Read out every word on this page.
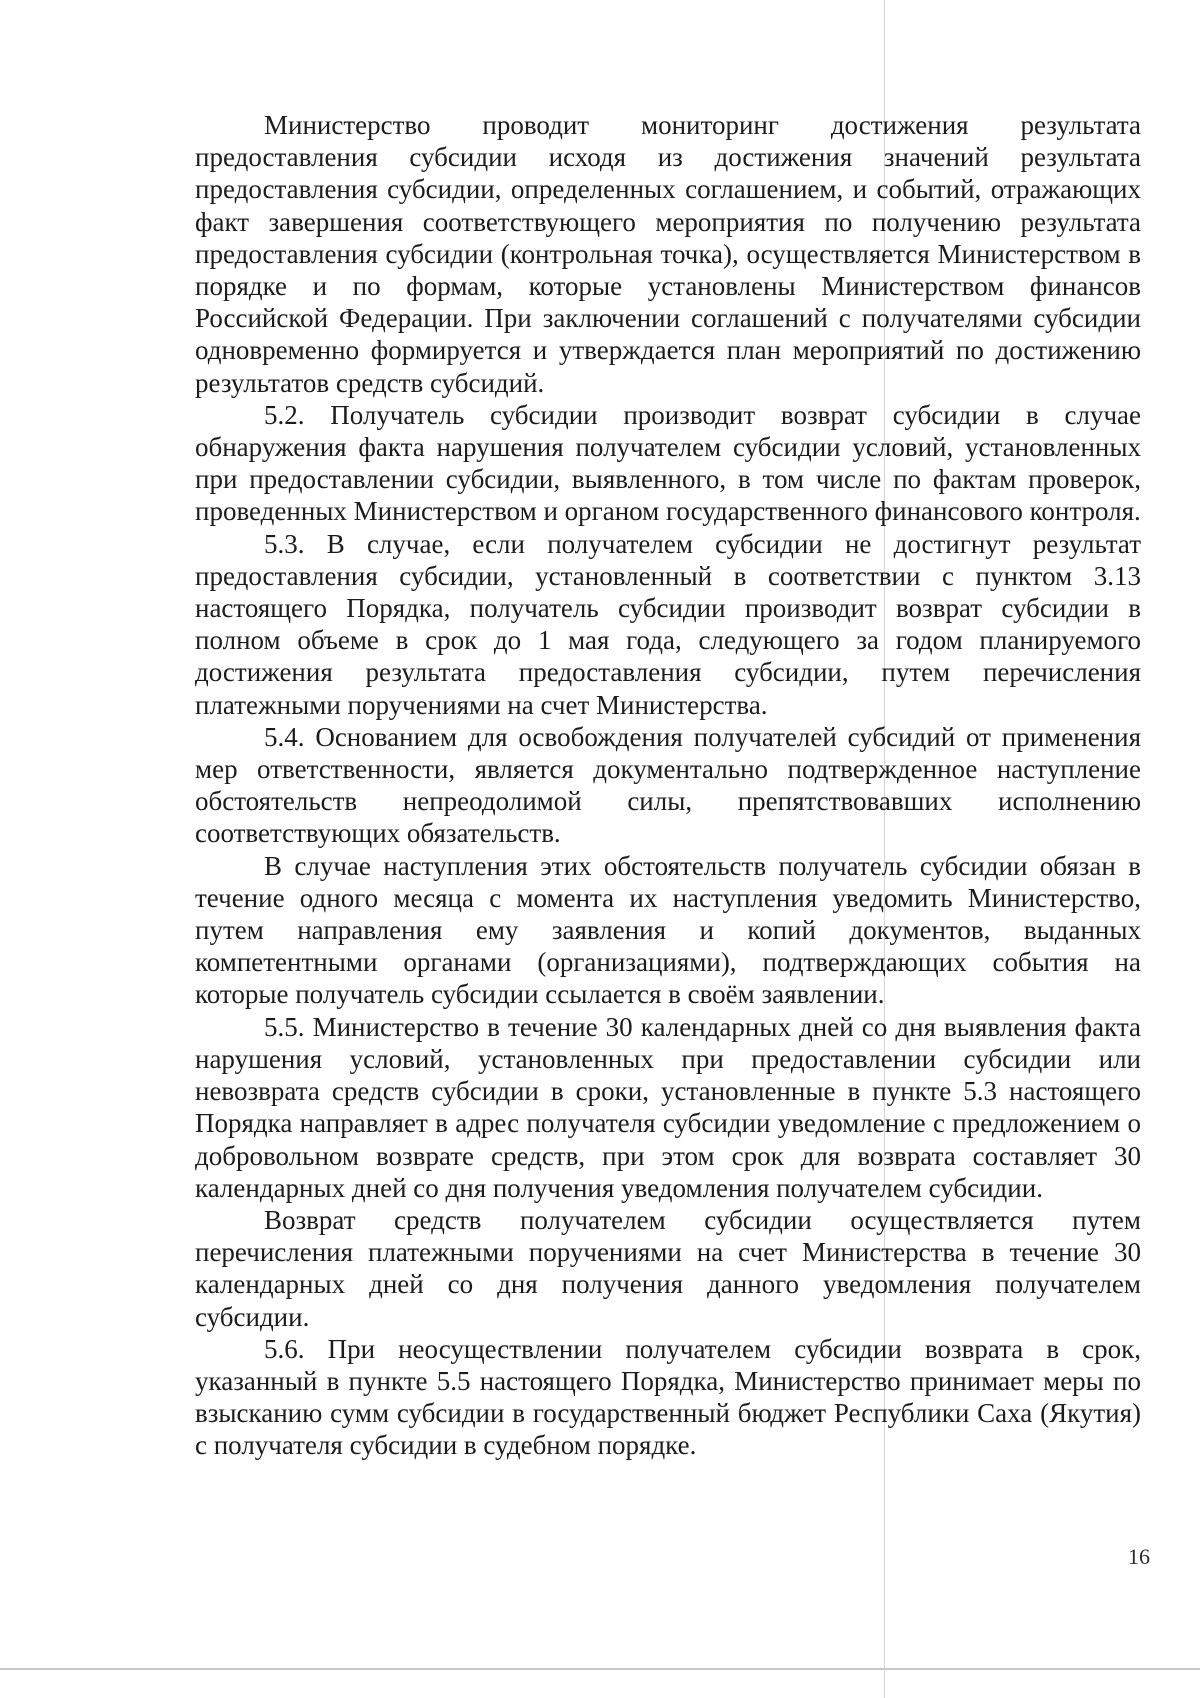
Министерство проводит мониторинг достижения результата предоставления субсидии исходя из достижения значений результата предоставления субсидии, определенных соглашением, и событий, отражающих факт завершения соответствующего мероприятия по получению результата предоставления субсидии (контрольная точка), осуществляется Министерством в порядке и по формам, которые установлены Министерством финансов Российской Федерации. При заключении соглашений с получателями субсидии одновременно формируется и утверждается план мероприятий по достижению результатов средств субсидий.

5.2. Получатель субсидии производит возврат субсидии в случае обнаружения факта нарушения получателем субсидии условий, установленных при предоставлении субсидии, выявленного, в том числе по фактам проверок, проведенных Министерством и органом государственного финансового контроля.

5.3. В случае, если получателем субсидии не достигнут результат предоставления субсидии, установленный в соответствии с пунктом 3.13 настоящего Порядка, получатель субсидии производит возврат субсидии в полном объеме в срок до 1 мая года, следующего за годом планируемого достижения результата предоставления субсидии, путем перечисления платежными поручениями на счет Министерства.

5.4. Основанием для освобождения получателей субсидий от применения мер ответственности, является документально подтвержденное наступление обстоятельств непреодолимой силы, препятствовавших исполнению соответствующих обязательств.

В случае наступления этих обстоятельств получатель субсидии обязан в течение одного месяца с момента их наступления уведомить Министерство, путем направления ему заявления и копий документов, выданных компетентными органами (организациями), подтверждающих события на которые получатель субсидии ссылается в своём заявлении.

5.5. Министерство в течение 30 календарных дней со дня выявления факта нарушения условий, установленных при предоставлении субсидии или невозврата средств субсидии в сроки, установленные в пункте 5.3 настоящего Порядка направляет в адрес получателя субсидии уведомление с предложением о добровольном возврате средств, при этом срок для возврата составляет 30 календарных дней со дня получения уведомления получателем субсидии.

Возврат средств получателем субсидии осуществляется путем перечисления платежными поручениями на счет Министерства в течение 30 календарных дней со дня получения данного уведомления получателем субсидии.

5.6. При неосуществлении получателем субсидии возврата в срок, указанный в пункте 5.5 настоящего Порядка, Министерство принимает меры по взысканию сумм субсидии в государственный бюджет Республики Саха (Якутия) с получателя субсидии в судебном порядке.

16
